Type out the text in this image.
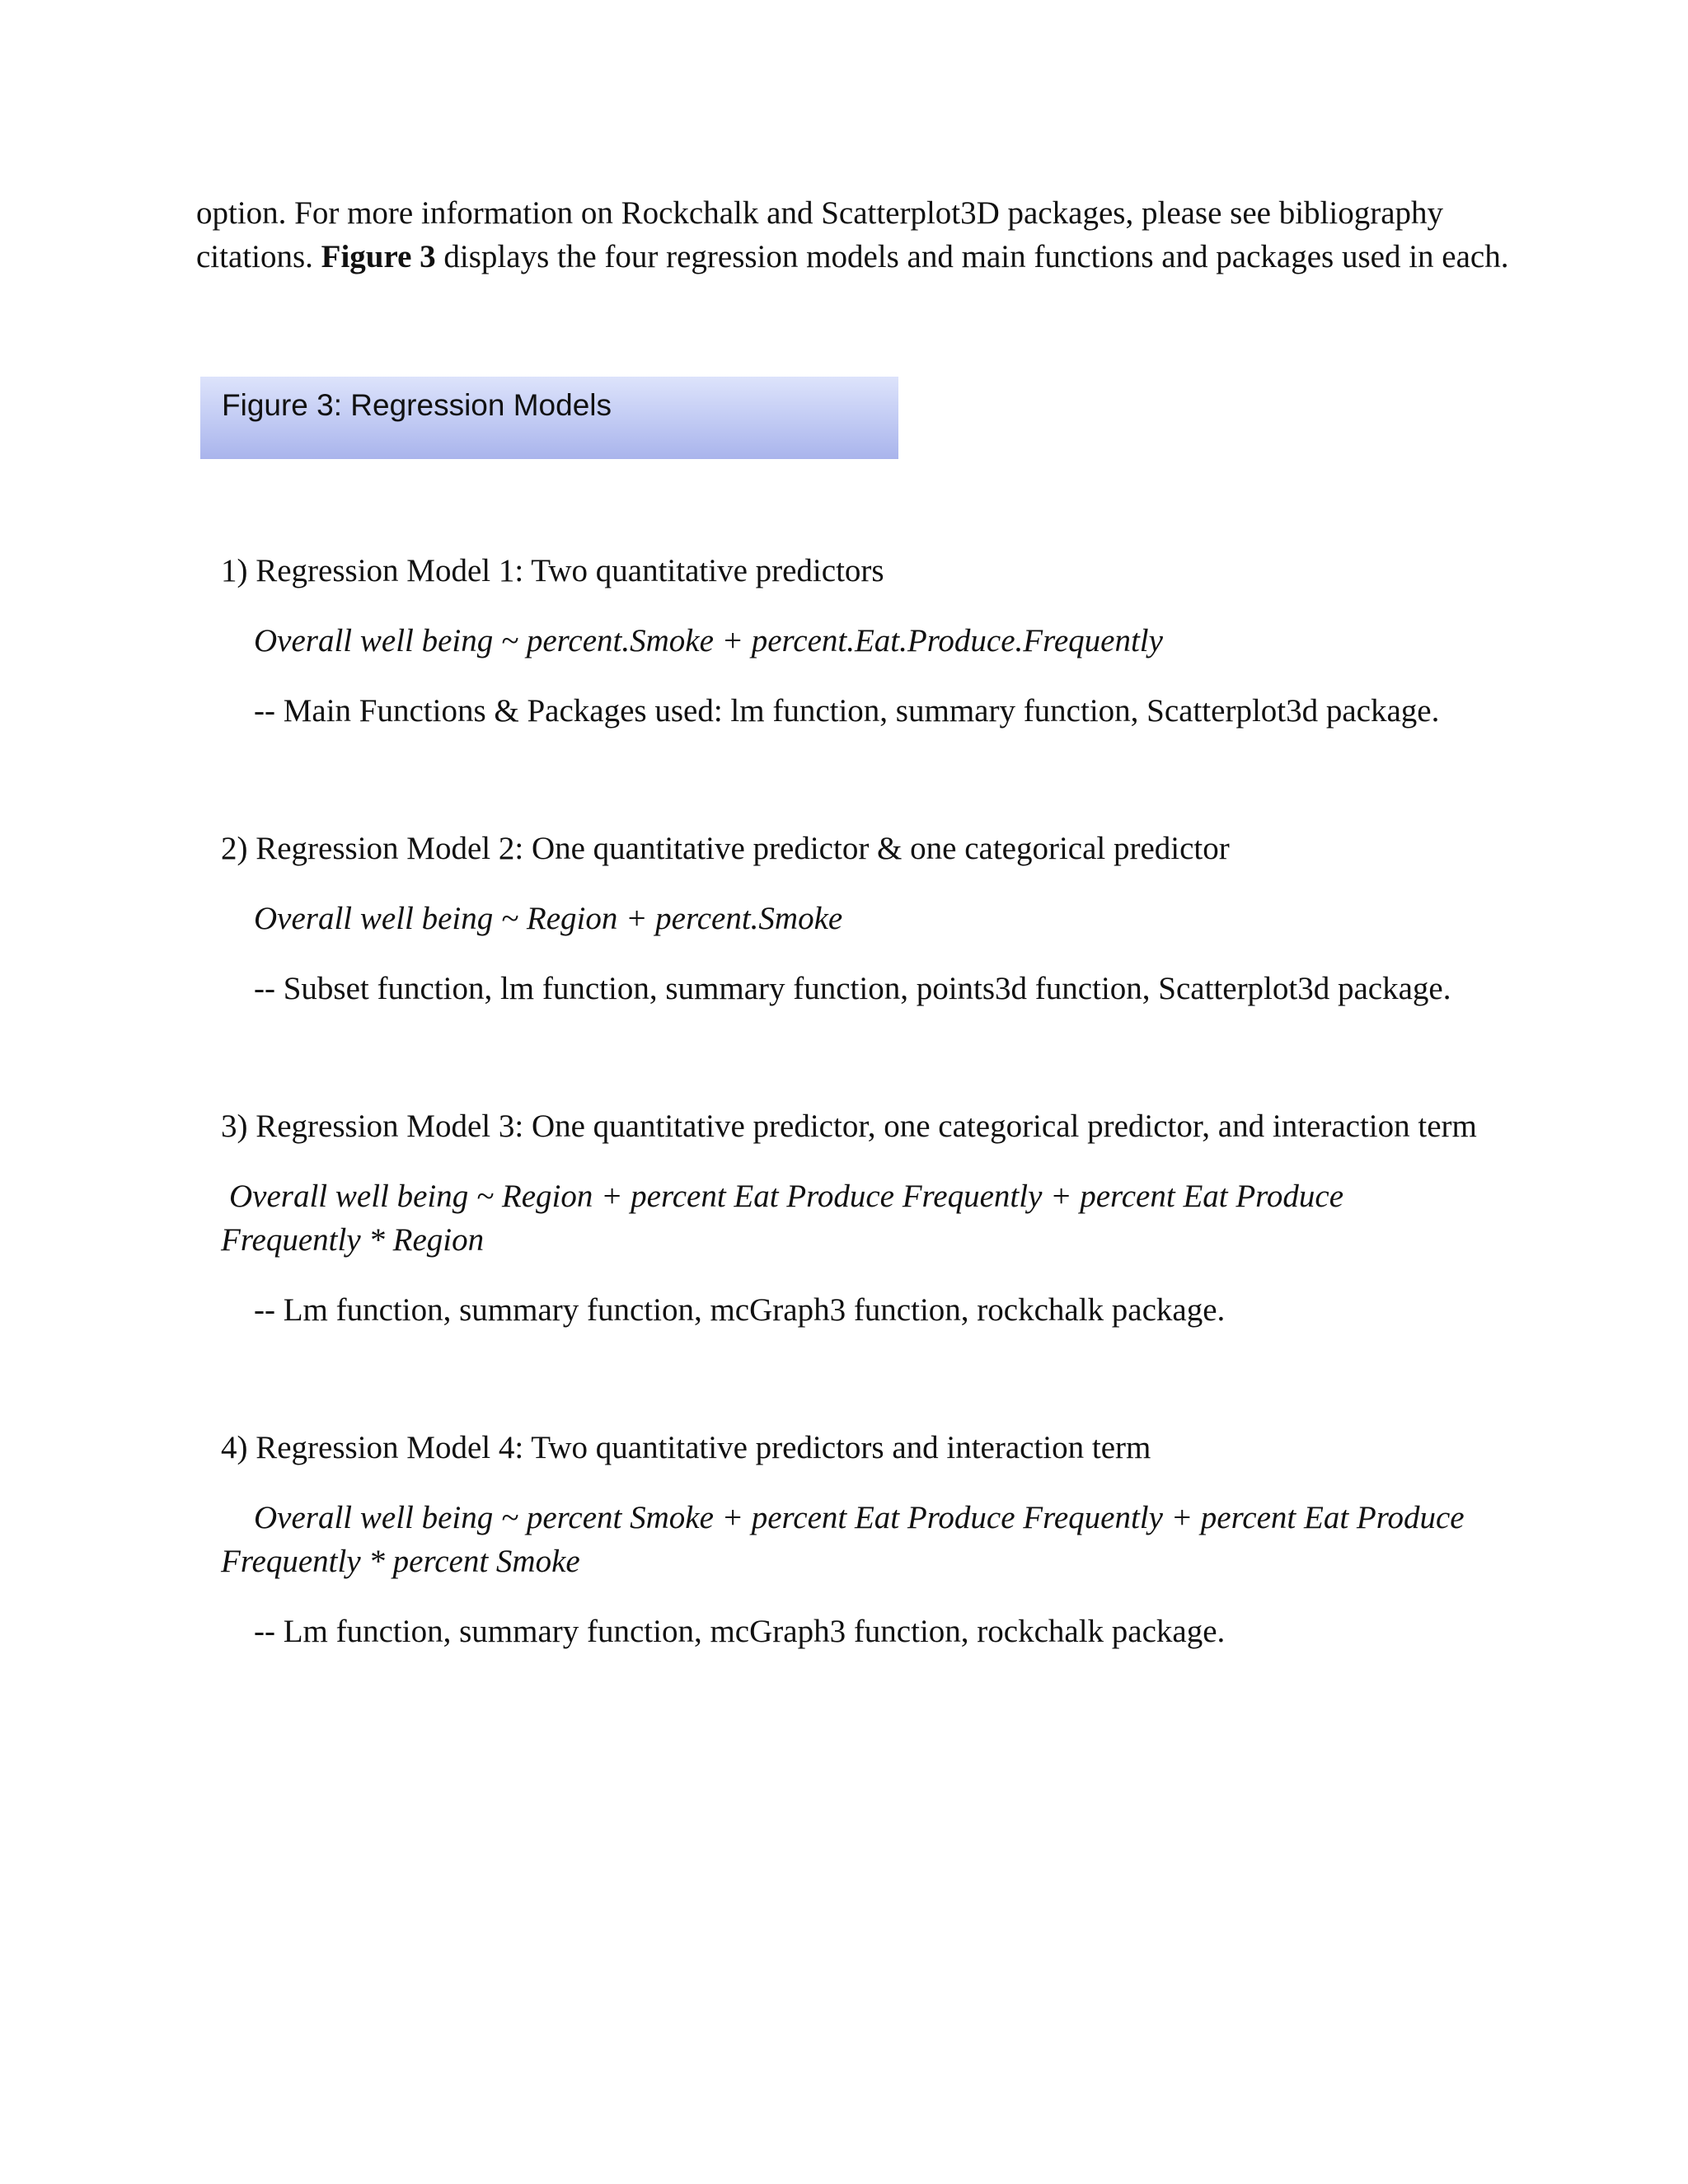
option. For more information on Rockchalk and Scatterplot3D packages, please see bibliography citations. Figure 3 displays the four regression models and main functions and packages used in each.

Figure 3: Regression Models

1) Regression Model 1: Two quantitative predictors

Overall well being ~ percent.Smoke + percent.Eat.Produce.Frequently

-- Main Functions & Packages used: lm function, summary function, Scatterplot3d package.

2) Regression Model 2: One quantitative predictor & one categorical predictor

Overall well being ~ Region + percent.Smoke

-- Subset function, lm function, summary function, points3d function, Scatterplot3d package.

3) Regression Model 3: One quantitative predictor, one categorical predictor, and interaction term

Overall well being ~ Region + percent Eat Produce Frequently + percent Eat Produce

Frequently * Region

-- Lm function, summary function, mcGraph3 function, rockchalk package.

4) Regression Model 4: Two quantitative predictors and interaction term

Overall well being ~ percent Smoke + percent Eat Produce Frequently + percent Eat Produce

Frequently * percent Smoke

-- Lm function, summary function, mcGraph3 function, rockchalk package.
